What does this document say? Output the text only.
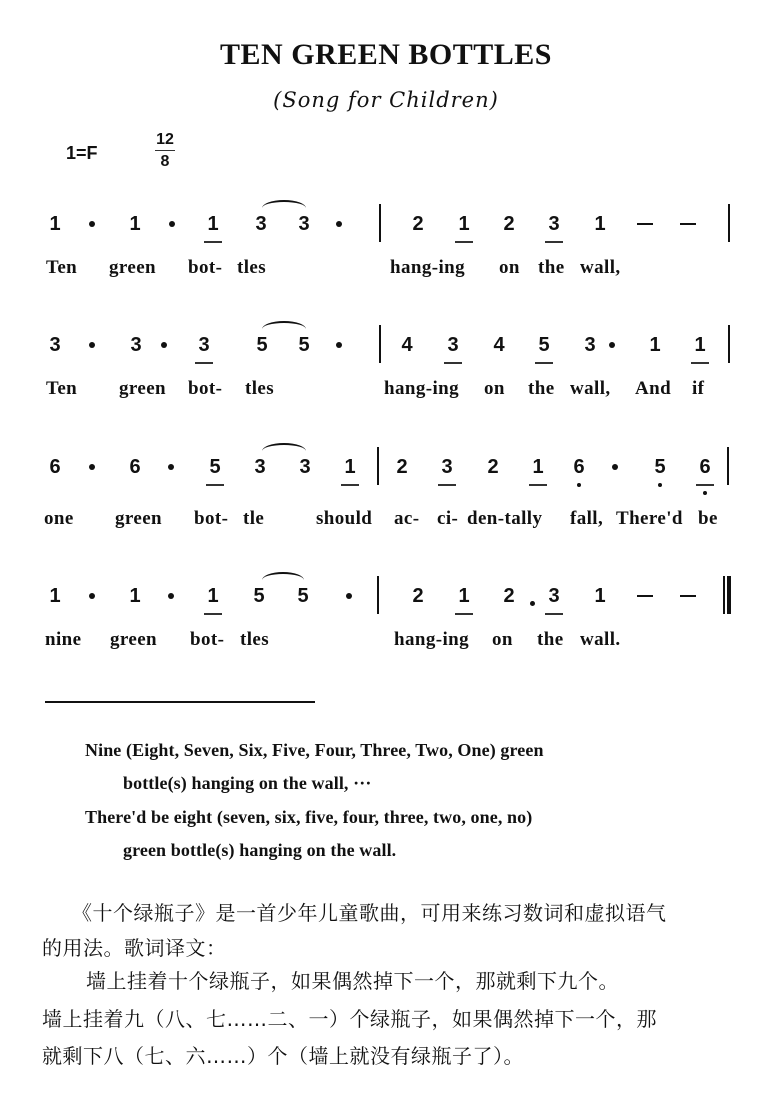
TEN GREEN BOTTLES
(Song for Children)
1=F
12
8
1	1	1 3 3	2 1 2 3 1
Ten green bot- tles	hang-ing on the wall,
3	3	3 5 5	4 3 4 5 3	1 1
Ten green bot- tles	hang-ing on the wall, And if
6	6	5 3 3 1 2 3 2 1 6	5 6
one green bot- tle	should ac- ci- den-tally fall, There'd be
1	1	1 5 5	2 1 2 3 1
nine green bot- tles	hang-ing on the wall.
Nine (Eight, Seven, Six, Five, Four, Three, Two, One) green
bottle(s) hanging on the wall, ···
There'd be eight (seven, six, five, four, three, two, one, no)
green bottle(s) hanging on the wall.
《十个绿瓶子》是一首少年儿童歌曲，可用来练习数词和虚拟语气
的用法。歌词译文：
墙上挂着十个绿瓶子，如果偶然掉下一个，那就剩下九个。
墙上挂着九（八、七……二、一）个绿瓶子，如果偶然掉下一个，那
就剩下八（七、六……）个（墙上就没有绿瓶子了）。
